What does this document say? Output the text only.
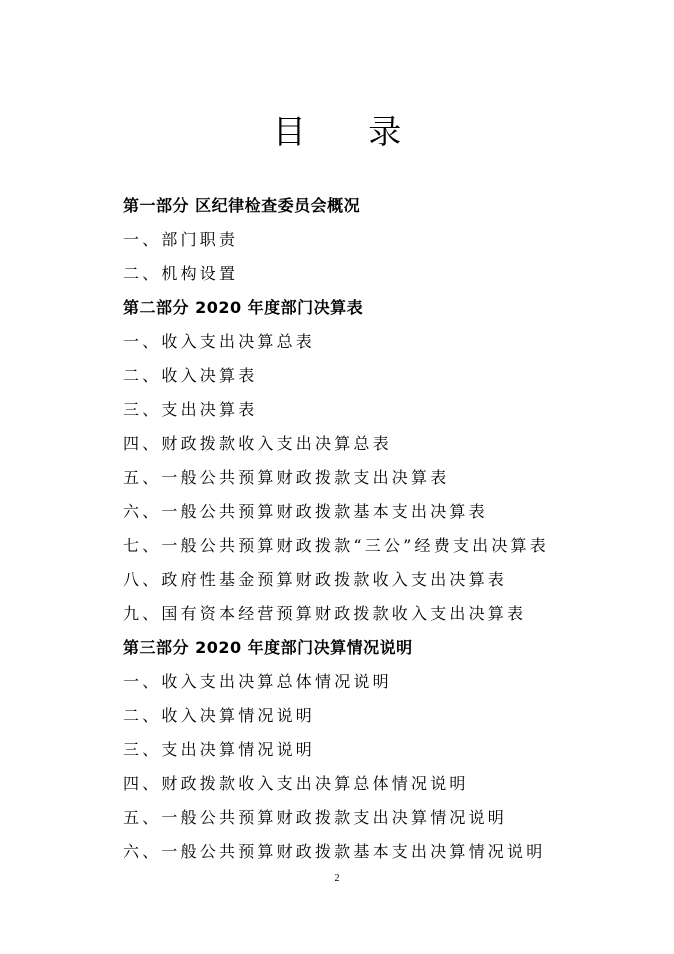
目 录
第一部分 区纪律检查委员会概况
一、部门职责
二、机构设置
第二部分 2020 年度部门决算表
一、收入支出决算总表
二、收入决算表
三、支出决算表
四、财政拨款收入支出决算总表
五、一般公共预算财政拨款支出决算表
六、一般公共预算财政拨款基本支出决算表
七、一般公共预算财政拨款“三公”经费支出决算表
八、政府性基金预算财政拨款收入支出决算表
九、国有资本经营预算财政拨款收入支出决算表
第三部分 2020 年度部门决算情况说明
一、收入支出决算总体情况说明
二、收入决算情况说明
三、支出决算情况说明
四、财政拨款收入支出决算总体情况说明
五、一般公共预算财政拨款支出决算情况说明
六、一般公共预算财政拨款基本支出决算情况说明
2
